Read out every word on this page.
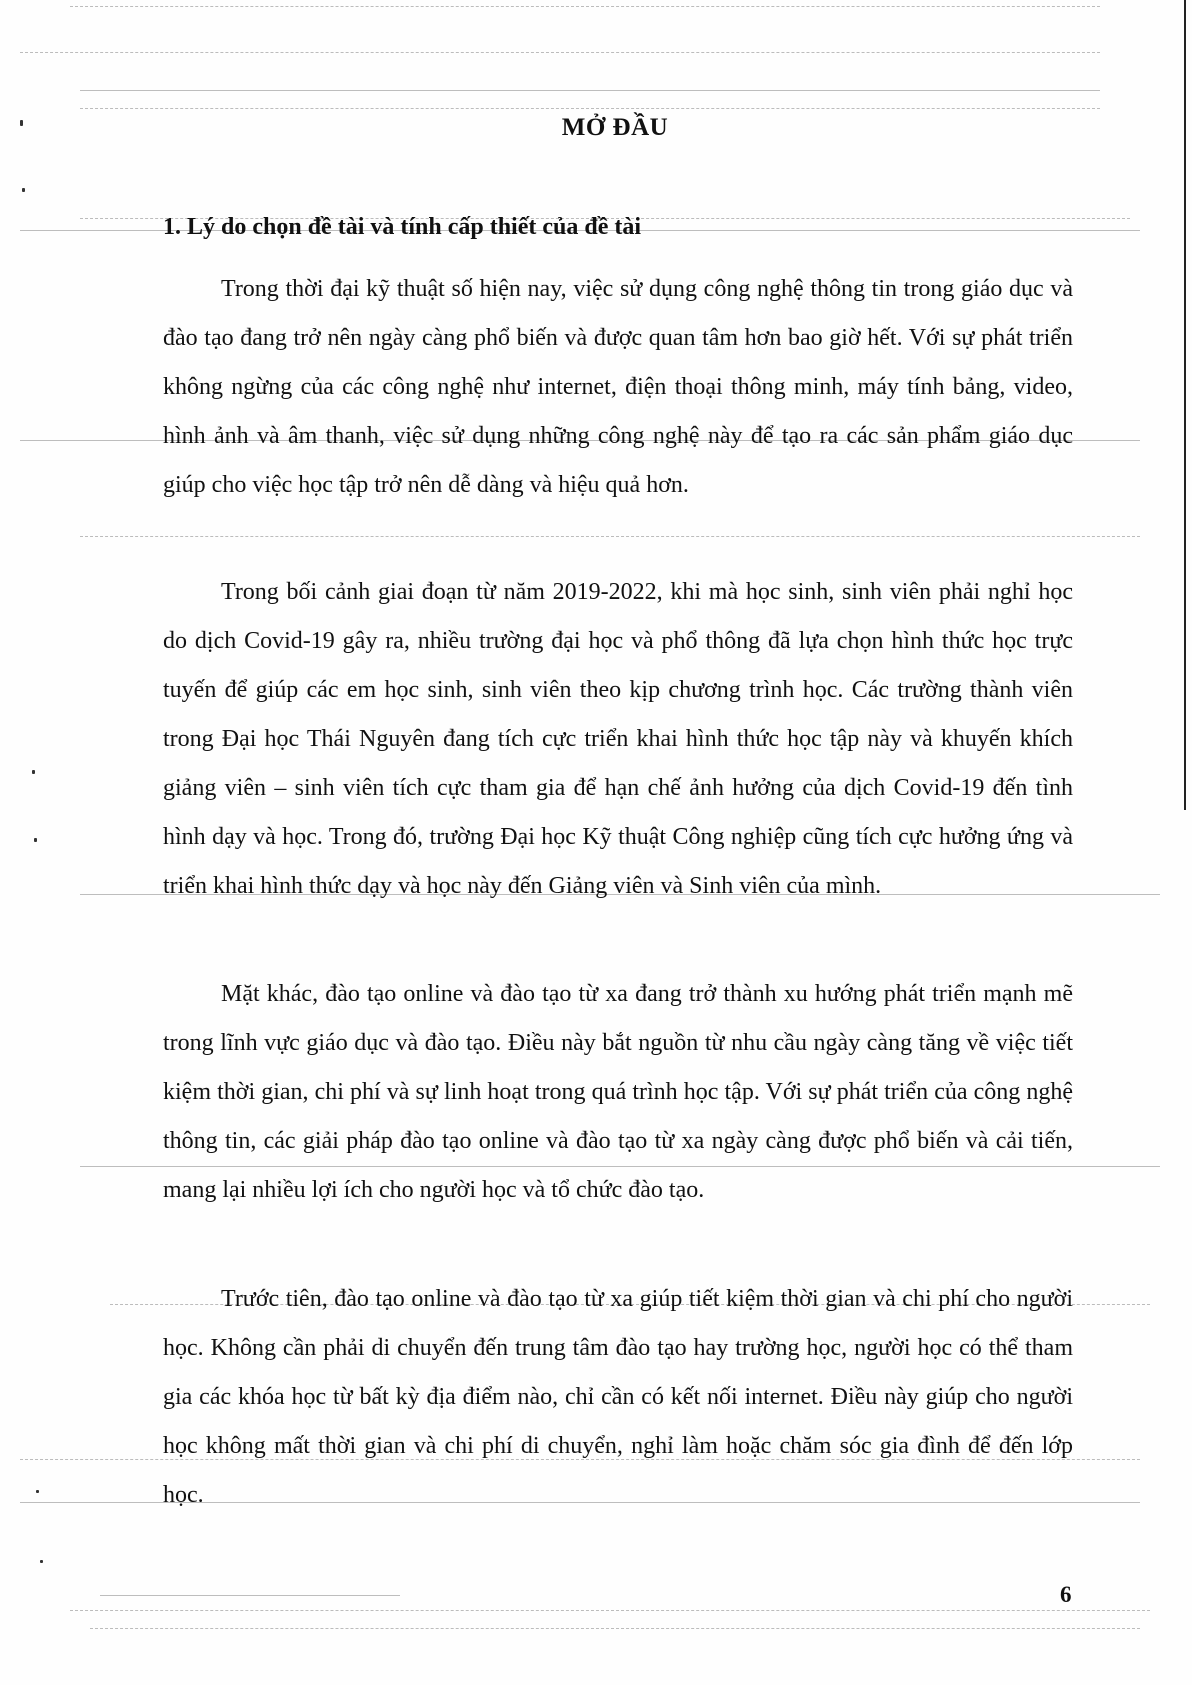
MỞ ĐẦU
1. Lý do chọn đề tài và tính cấp thiết của đề tài

Trong thời đại kỹ thuật số hiện nay, việc sử dụng công nghệ thông tin trong giáo dục và đào tạo đang trở nên ngày càng phổ biến và được quan tâm hơn bao giờ hết. Với sự phát triển không ngừng của các công nghệ như internet, điện thoại thông minh, máy tính bảng, video, hình ảnh và âm thanh, việc sử dụng những công nghệ này để tạo ra các sản phẩm giáo dục giúp cho việc học tập trở nên dễ dàng và hiệu quả hơn.

Trong bối cảnh giai đoạn từ năm 2019-2022, khi mà học sinh, sinh viên phải nghỉ học do dịch Covid-19 gây ra, nhiều trường đại học và phổ thông đã lựa chọn hình thức học trực tuyến để giúp các em học sinh, sinh viên theo kịp chương trình học. Các trường thành viên trong Đại học Thái Nguyên đang tích cực triển khai hình thức học tập này và khuyến khích giảng viên – sinh viên tích cực tham gia để hạn chế ảnh hưởng của dịch Covid-19 đến tình hình dạy và học. Trong đó, trường Đại học Kỹ thuật Công nghiệp cũng tích cực hưởng ứng và triển khai hình thức dạy và học này đến Giảng viên và Sinh viên của mình.

Mặt khác, đào tạo online và đào tạo từ xa đang trở thành xu hướng phát triển mạnh mẽ trong lĩnh vực giáo dục và đào tạo. Điều này bắt nguồn từ nhu cầu ngày càng tăng về việc tiết kiệm thời gian, chi phí và sự linh hoạt trong quá trình học tập. Với sự phát triển của công nghệ thông tin, các giải pháp đào tạo online và đào tạo từ xa ngày càng được phổ biến và cải tiến, mang lại nhiều lợi ích cho người học và tổ chức đào tạo.

Trước tiên, đào tạo online và đào tạo từ xa giúp tiết kiệm thời gian và chi phí cho người học. Không cần phải di chuyển đến trung tâm đào tạo hay trường học, người học có thể tham gia các khóa học từ bất kỳ địa điểm nào, chỉ cần có kết nối internet. Điều này giúp cho người học không mất thời gian và chi phí di chuyển, nghỉ làm hoặc chăm sóc gia đình để đến lớp học.

6
